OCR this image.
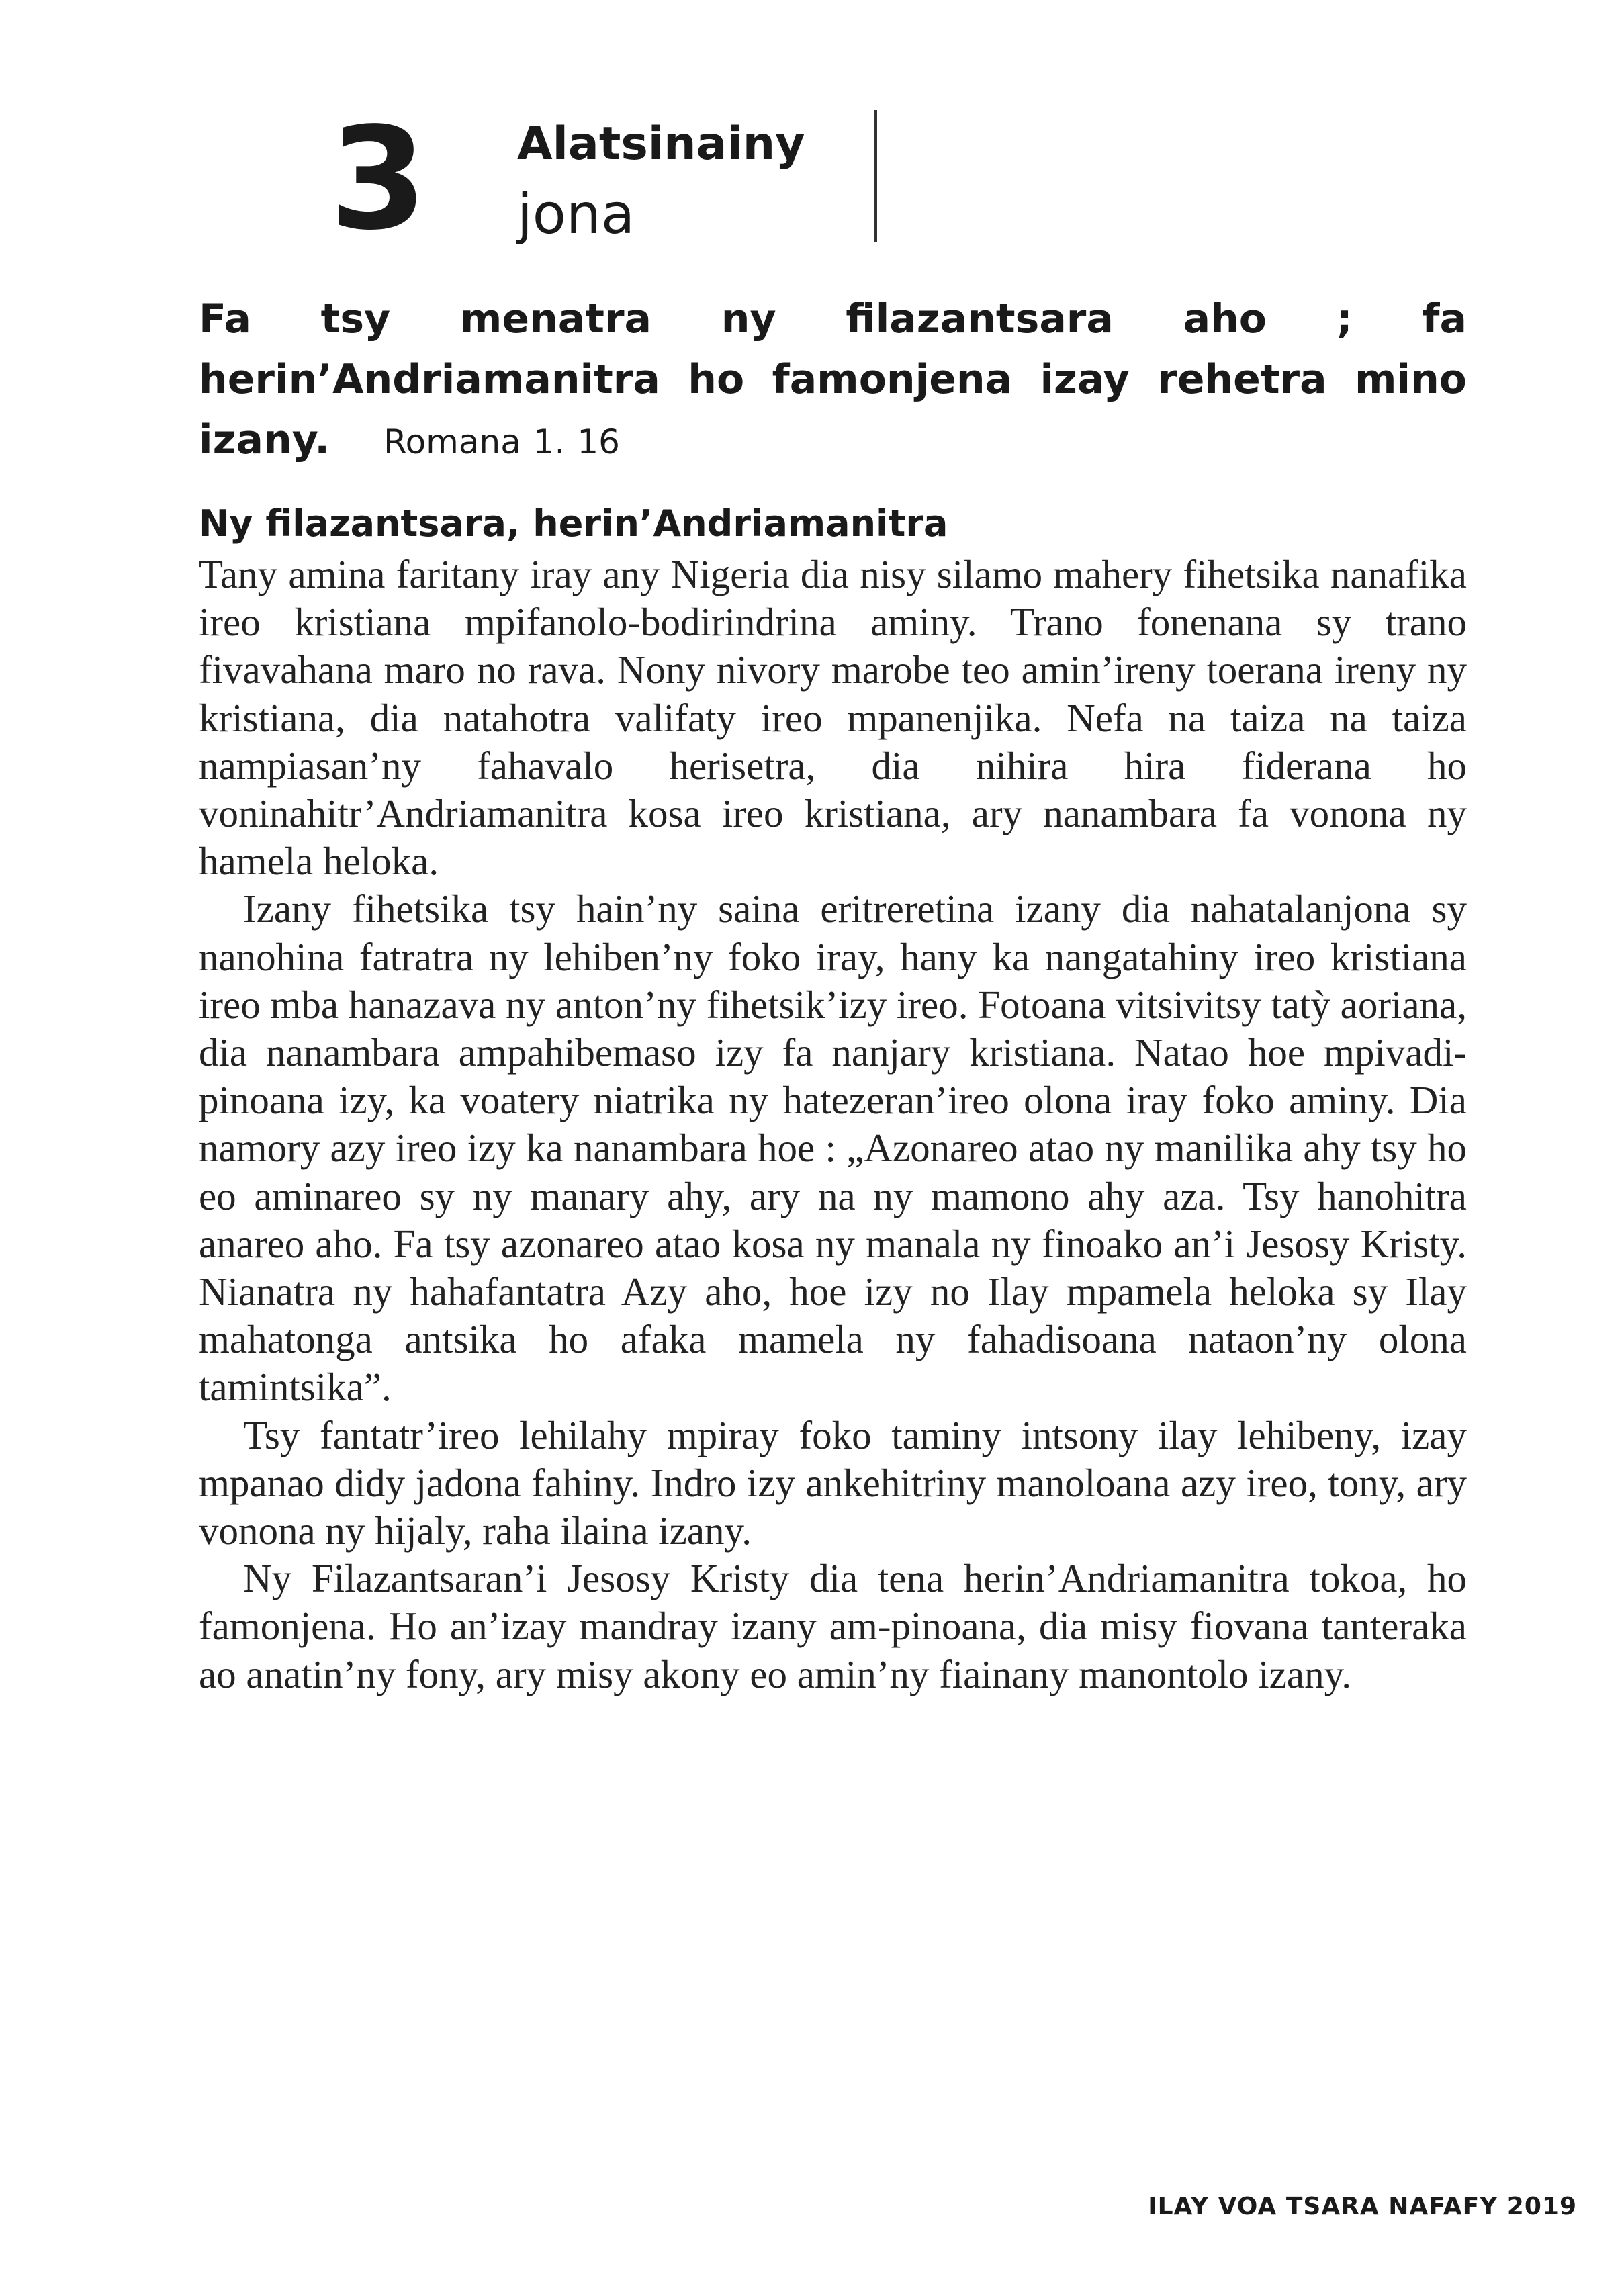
3 Alatsinainy
jona
Fa tsy menatra ny filazantsara aho ; fa herin’Andriamanitra ho famonjena izay rehetra mino izany. Romana 1. 16
Ny filazantsara, herin’Andriamanitra

Tany amina faritany iray any Nigeria dia nisy silamo mahery fihetsika nanafika ireo kristiana mpifanolo-bodirindrina aminy. Trano fonenana sy trano fivavahana maro no rava. Nony nivory marobe teo amin’ireny toerana ireny ny kristiana, dia natahotra valifaty ireo mpanenjika. Nefa na taiza na taiza nampiasan’ny fahavalo herisetra, dia nihira hira fiderana ho voninahitr’Andriamanitra kosa ireo kristiana, ary nanambara fa vonona ny hamela heloka.

Izany fihetsika tsy hain’ny saina eritreretina izany dia nahatalanjona sy nanohina fatratra ny lehiben’ny foko iray, hany ka nangatahiny ireo kristiana ireo mba hanazava ny anton’ny fihetsik’izy ireo. Fotoana vitsivitsy tatỳ aoriana, dia nanambara ampahibemaso izy fa nanjary kristiana. Natao hoe mpivadi-pinoana izy, ka voatery niatrika ny hatezeran’ireo olona iray foko aminy. Dia namory azy ireo izy ka nanambara hoe : „Azonareo atao ny manilika ahy tsy ho eo aminareo sy ny manary ahy, ary na ny mamono ahy aza. Tsy hanohitra anareo aho. Fa tsy azonareo atao kosa ny manala ny finoako an’i Jesosy Kristy. Nianatra ny hahafantatra Azy aho, hoe izy no Ilay mpamela heloka sy Ilay mahatonga antsika ho afaka mamela ny fahadisoana nataon’ny olona tamintsika”.

Tsy fantatr’ireo lehilahy mpiray foko taminy intsony ilay lehibeny, izay mpanao didy jadona fahiny. Indro izy ankehitriny manoloana azy ireo, tony, ary vonona ny hijaly, raha ilaina izany.

Ny Filazantsaran’i Jesosy Kristy dia tena herin’Andriamanitra tokoa, ho famonjena. Ho an’izay mandray izany am-pinoana, dia misy fiovana tanteraka ao anatin’ny fony, ary misy akony eo amin’ny fiainany manontolo izany.

ILAY VOA TSARA NAFAFY 2019
